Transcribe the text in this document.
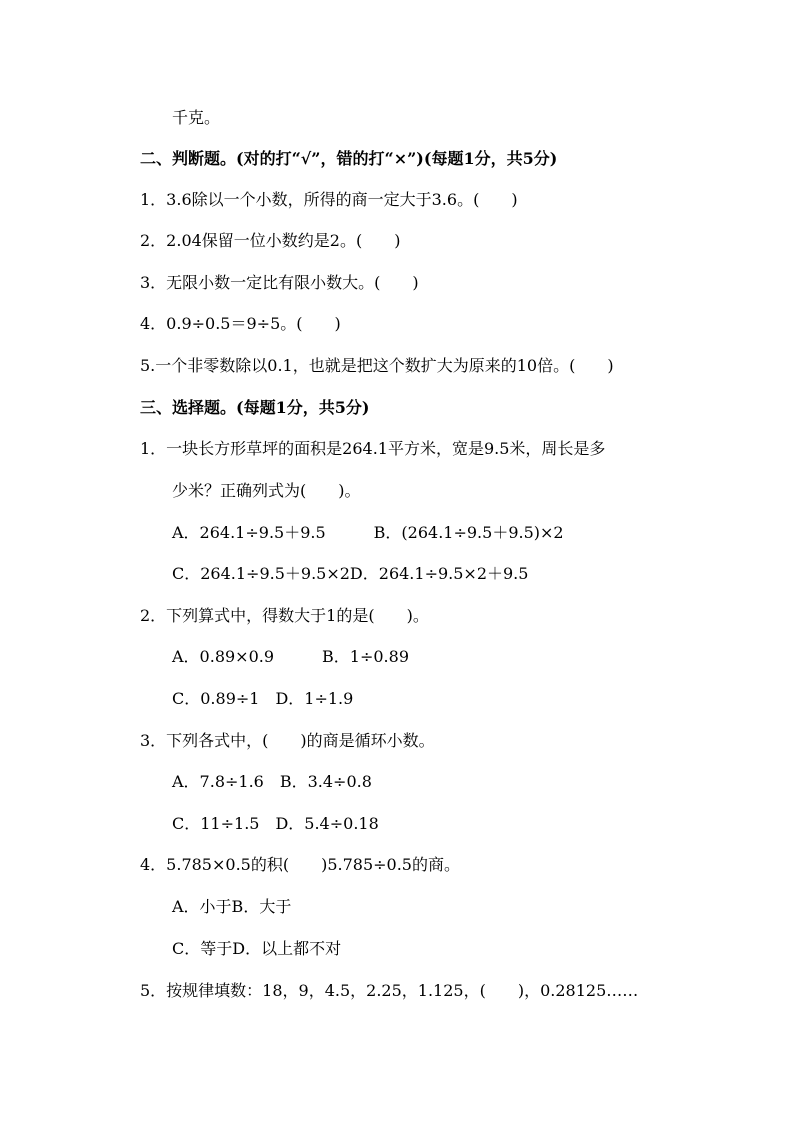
千克。
二、判断题。(对的打“√”，错的打“×”)(每题1分，共5分)
1．3.6除以一个小数，所得的商一定大于3.6。(　　)
2．2.04保留一位小数约是2。(　　)
3．无限小数一定比有限小数大。(　　)
4．0.9÷0.5＝9÷5。(　　)
5.一个非零数除以0.1，也就是把这个数扩大为原来的10倍。(　　)
三、选择题。(每题1分，共5分)
1．一块长方形草坪的面积是264.1平方米，宽是9.5米，周长是多
少米？正确列式为(　　)。
A．264.1÷9.5＋9.5　　　B．(264.1÷9.5＋9.5)×2
C．264.1÷9.5＋9.5×2D．264.1÷9.5×2＋9.5
2．下列算式中，得数大于1的是(　　)。
A．0.89×0.9　　　B．1÷0.89
C．0.89÷1　D．1÷1.9
3．下列各式中，(　　)的商是循环小数。
A．7.8÷1.6　B．3.4÷0.8
C．11÷1.5　D．5.4÷0.18
4．5.785×0.5的积(　　)5.785÷0.5的商。
A．小于B．大于
C．等于D．以上都不对
5．按规律填数：18，9，4.5，2.25，1.125，(　　)，0.28125……
